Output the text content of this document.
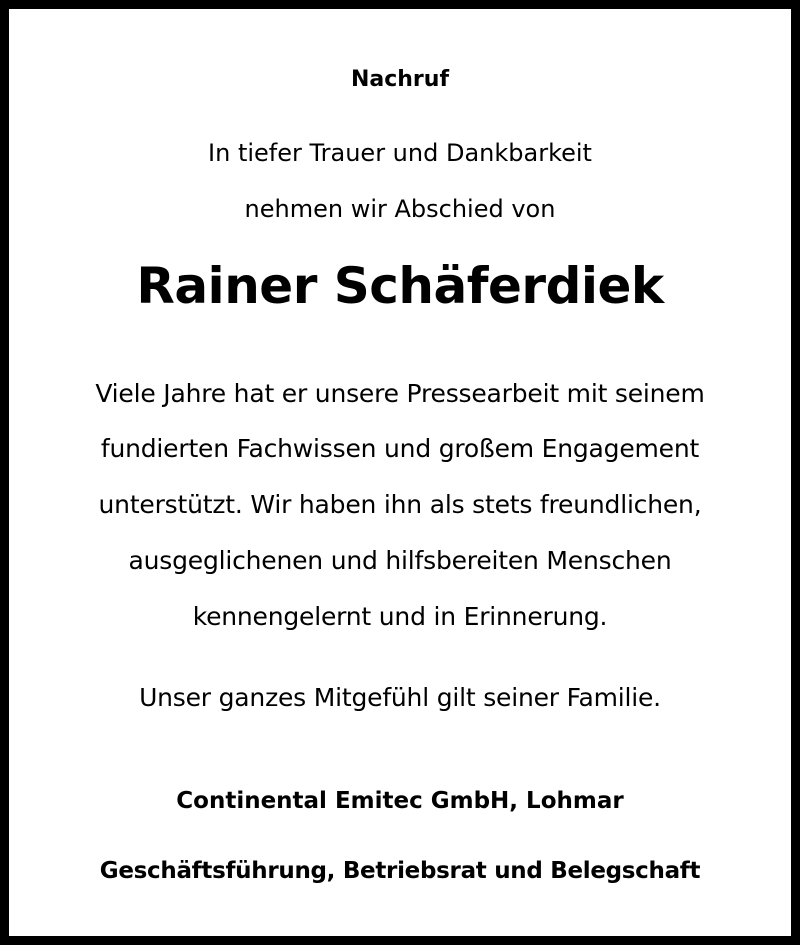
Nachruf
In tiefer Trauer und Dankbarkeit
nehmen wir Abschied von
Rainer Schäferdiek
Viele Jahre hat er unsere Pressearbeit mit seinem
fundierten Fachwissen und großem Engagement
unterstützt. Wir haben ihn als stets freundlichen,
ausgeglichenen und hilfsbereiten Menschen
kennengelernt und in Erinnerung.
Unser ganzes Mitgefühl gilt seiner Familie.
Continental Emitec GmbH, Lohmar
Geschäftsführung, Betriebsrat und Belegschaft
